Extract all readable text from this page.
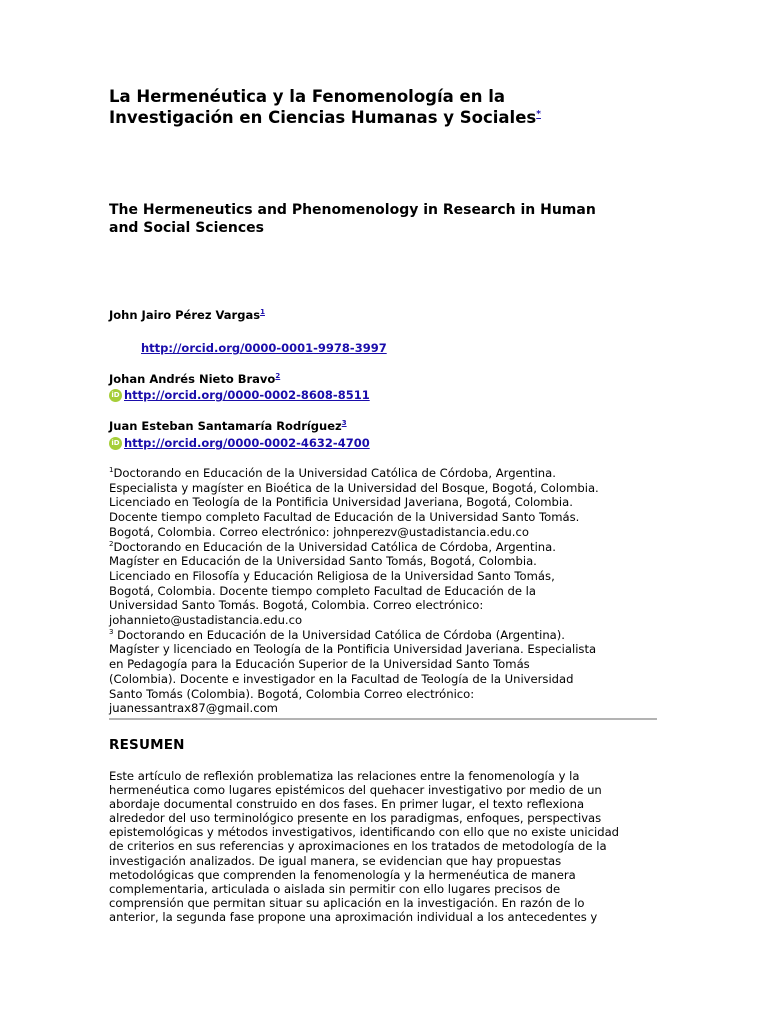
La Hermenéutica y la Fenomenología en la
Investigación en Ciencias Humanas y Sociales*
The Hermeneutics and Phenomenology in Research in Human
and Social Sciences
John Jairo Pérez Vargas$^1$
http://orcid.org/0000-0001-9978-3997
Johan Andrés Nieto Bravo$^2$
iD http://orcid.org/0000-0002-8608-8511
Juan Esteban Santamaría Rodríguez$^3$
iD http://orcid.org/0000-0002-4632-4700

$^1$Doctorando en Educación de la Universidad Católica de Córdoba, Argentina.
Especialista y magíster en Bioética de la Universidad del Bosque, Bogotá, Colombia.
Licenciado en Teología de la Pontificia Universidad Javeriana, Bogotá, Colombia.
Docente tiempo completo Facultad de Educación de la Universidad Santo Tomás.
Bogotá, Colombia. Correo electrónico: johnperezv@ustadistancia.edu.co

$^2$Doctorando en Educación de la Universidad Católica de Córdoba, Argentina.
Magíster en Educación de la Universidad Santo Tomás, Bogotá, Colombia.
Licenciado en Filosofía y Educación Religiosa de la Universidad Santo Tomás,
Bogotá, Colombia. Docente tiempo completo Facultad de Educación de la
Universidad Santo Tomás. Bogotá, Colombia. Correo electrónico:
johannieto@ustadistancia.edu.co

$^3$ Doctorando en Educación de la Universidad Católica de Córdoba (Argentina).
Magíster y licenciado en Teología de la Pontificia Universidad Javeriana. Especialista
en Pedagogía para la Educación Superior de la Universidad Santo Tomás
(Colombia). Docente e investigador en la Facultad de Teología de la Universidad
Santo Tomás (Colombia). Bogotá, Colombia Correo electrónico:
juanessantrax87@gmail.com

RESUMEN

Este artículo de reflexión problematiza las relaciones entre la fenomenología y la
hermenéutica como lugares epistémicos del quehacer investigativo por medio de un
abordaje documental construido en dos fases. En primer lugar, el texto reflexiona
alrededor del uso terminológico presente en los paradigmas, enfoques, perspectivas
epistemológicas y métodos investigativos, identificando con ello que no existe unicidad
de criterios en sus referencias y aproximaciones en los tratados de metodología de la
investigación analizados. De igual manera, se evidencian que hay propuestas
metodológicas que comprenden la fenomenología y la hermenéutica de manera
complementaria, articulada o aislada sin permitir con ello lugares precisos de
comprensión que permitan situar su aplicación en la investigación. En razón de lo
anterior, la segunda fase propone una aproximación individual a los antecedentes y
